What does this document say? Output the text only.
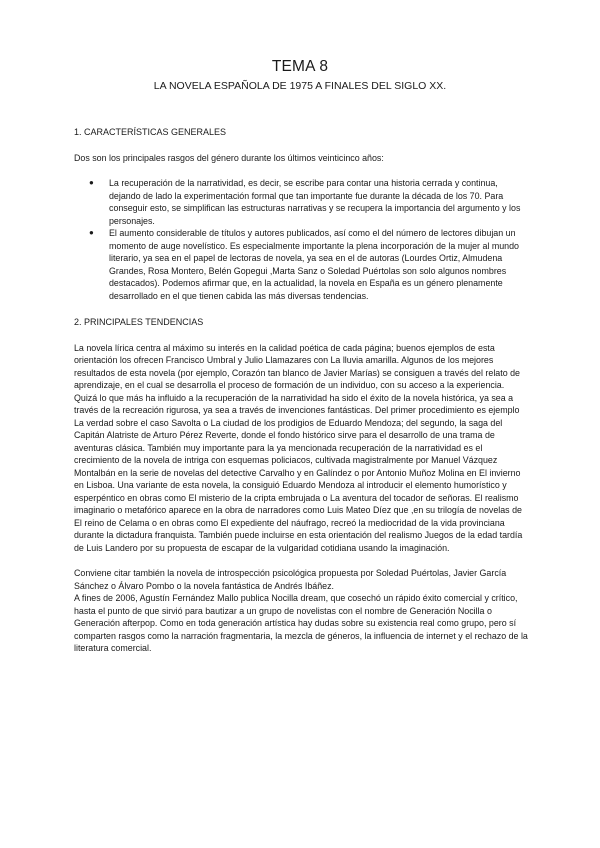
TEMA 8
LA NOVELA ESPAÑOLA DE 1975 A FINALES DEL SIGLO XX.

1. CARACTERÍSTICAS GENERALES

Dos son los principales rasgos del género durante los últimos veinticinco años:

● La recuperación de la narratividad, es decir, se escribe para contar una historia cerrada y continua, dejando de lado la experimentación formal que tan importante fue durante la década de los 70. Para conseguir esto, se simplifican las estructuras narrativas y se recupera la importancia del argumento y los personajes.
● El aumento considerable de títulos y autores publicados, así como el del número de lectores dibujan un momento de auge novelístico. Es especialmente importante la plena incorporación de la mujer al mundo literario, ya sea en el papel de lectoras de novela, ya sea en el de autoras (Lourdes Ortiz, Almudena Grandes, Rosa Montero, Belén Gopegui ,Marta Sanz o Soledad Puértolas son solo algunos nombres destacados). Podemos afirmar que, en la actualidad, la novela en España es un género plenamente desarrollado en el que tienen cabida las más diversas tendencias.

2. PRINCIPALES TENDENCIAS

La novela lírica centra al máximo su interés en la calidad poética de cada página; buenos ejemplos de esta orientación los ofrecen Francisco Umbral y Julio Llamazares con La lluvia amarilla. Algunos de los mejores resultados de esta novela (por ejemplo, Corazón tan blanco de Javier Marías) se consiguen a través del relato de aprendizaje, en el cual se desarrolla el proceso de formación de un individuo, con su acceso a la experiencia.

Quizá lo que más ha influido a la recuperación de la narratividad ha sido el éxito de la novela histórica, ya sea a través de la recreación rigurosa, ya sea a través de invenciones fantásticas. Del primer procedimiento es ejemplo La verdad sobre el caso Savolta o La ciudad de los prodigios de Eduardo Mendoza; del segundo, la saga del Capitán Alatriste de Arturo Pérez Reverte, donde el fondo histórico sirve para el desarrollo de una trama de aventuras clásica. También muy importante para la ya mencionada recuperación de la narratividad es el crecimiento de la novela de intriga con esquemas policiacos, cultivada magistralmente por Manuel Vázquez Montalbán en la serie de novelas del detective Carvalho y en Galíndez o por Antonio Muñoz Molina en El invierno en Lisboa. Una variante de esta novela, la consiguió Eduardo Mendoza al introducir el elemento humorístico y esperpéntico en obras como El misterio de la cripta embrujada o La aventura del tocador de señoras. El realismo imaginario o metafórico aparece en la obra de narradores como Luis Mateo Díez que ,en su trilogía de novelas de El reino de Celama o en obras como El expediente del náufrago, recreó la mediocridad de la vida provinciana durante la dictadura franquista. También puede incluirse en esta orientación del realismo Juegos de la edad tardía de Luis Landero por su propuesta de escapar de la vulgaridad cotidiana usando la imaginación.

Conviene citar también la novela de introspección psicológica propuesta por Soledad Puértolas, Javier García Sánchez o Álvaro Pombo o la novela fantástica de Andrés Ibáñez.

A fines de 2006, Agustín Fernández Mallo publica Nocilla dream, que cosechó un rápido éxito comercial y crítico, hasta el punto de que sirvió para bautizar a un grupo de novelistas con el nombre de Generación Nocilla o Generación afterpop. Como en toda generación artística hay dudas sobre su existencia real como grupo, pero sí comparten rasgos como la narración fragmentaria, la mezcla de géneros, la influencia de internet y el rechazo de la literatura comercial.
